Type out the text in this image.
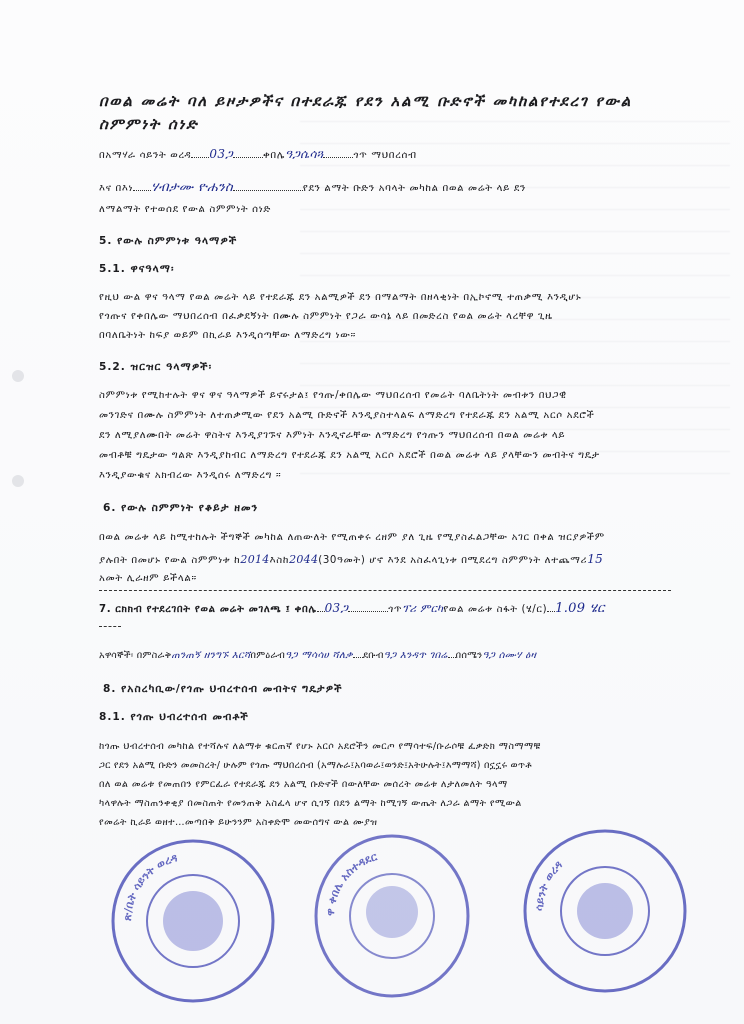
በወል መሬት ባለ ይዞታዎችና በተደራጁ የደን አልሚ ቡድኖች መካከልየተደረገ የውል
ስምምነት ሰነድ
በአማሃራ ሳይንት ወረዳ 03ጋ	ቀበሌዓጋሴሳጓ	ጎጥ ማህበረሰብ
እና በእነ ሃብታሙ ዮሐንስ	የደን ልማት ቡድን አባላት መካከል በወል መሬት ላይ ደን
ለማልማት የተወሰደ የውል ስምምነት ሰነድ
5. የውሉ ስምምነቱ ዓላማዎች
5.1. ዋናዓላማ፡
የዚህ ውል ዋና ዓላማ የወል መሬት ላይ የተደራጁ ደን አልሚዎች ደን በማልማት በዘላቂነት በኢኮኖሚ ተጠቃሚ እንዲሆኑ
የጎጡና የቀበሌው ማህበረሰብ በፈቃደኝነት በሙሉ ስምምነት የጋራ ውሳኔ ላይ በመድረስ የወል መሬት ላረቸዋ ጊዜ
በባለቤትነት ከፍያ ወይም በኪራይ እንዲሰጣቸው ለማድረግ ነው።
5.2. ዝርዝር ዓላማዎች፡
ስምምነቱ የሚከተሉት ዋና ዋና ዓላማዎች ይኖሩታል፤ የጎጡ/ቀበሌው ማህበረሰብ የመሬት ባለቤትነት መብቱን በህጋዊ
መንገድና በሙሉ ስምምነት ለተጠቃሚው የደን አልሚ ቡድኖች እንዲያስተላልፍ ለማድረግ የተደራጁ ደን አልሚ አርሶ አደሮች
ደን ለሚያለሙበት መሬት ዋስትና እንዲያገኙና እምነት እንዲኖራቸው ለማድረግ የጎጡን ማህበረሰብ በወል መሬቱ ላይ
መብቶቹ ግዴታው ግልጽ እንዲያከብር ለማድረግ የተደራጁ ደን አልሚ አርሶ አደሮች በወል መሬቱ ላይ ያላቸውን መብትና ግዴታ
እንዲያውቁና አክብረው እንዲሰሩ ለማድረግ ።
6. የውሉ ስምምነት የቆይታ ዘመን
በወል መሬቱ ላይ ከሚተከሉት ችግኞች መካከል ለጠውለት የሚጠቀሩ ረዘም ያለ ጊዜ የሚያስፈልጋቸው አገር በቀል ዝርያዎችም
ያሉበት በመሆኑ የውል ስምምነቱ ከ2014እስከ2044(30ዓመት) ሆኖ እንደ አስፈላጊነቱ በሚደረግ ስምምነት ለተጨማሪ15
አመት ሊራዘም ይችላል።
7. ርክክብ የተደረገበት የወል መሬት መገለጫ ፤ ቀበሌ 03ጋ	ጎጥፕሪ ምርካየወል መሬቱ ስፋት (ሄ/ር) 1.09 ሄር
አዋሳኞች፡ በምስራቅጠንጠኝ ዘንግኙ እርሻበምዕራብዓጋ ማሳሳሀ ሻለቃ ደቡብዓጋ እንዳጥ ገበሬ በሰሜንዓጋ ሰሙሃ ዕዛ
8. የአስረካቢው/የጎጡ ህብረተሰብ መብትና ግዴታዎች
8.1. የጎጡ ህብረተሰብ መብቶች
ከጎጡ ህብረተሰብ መካከል የተሻሉና ለልማቱ ቁርጠኛ የሆኑ አርሶ አደሮችን መርጦ የማሳተፍ/ቡራሶቹ ፈቃድክ ማስማማቹ
ጋር የደን አልሚ ቡድን መመስረት/ ሁሉም የጎጡ ማህበረሰብ (አማሉራ፤አባወራ፤ወንድ፤አትሁሉት፤እማማሻ) በኗኗሩ ወጥቶ
በለ ወል መሬቱ የመጠበን የምርፈራ የተደራጁ ደን አልሚ ቡድኖች በውለቸው መሰረት መሬቱ ለታለመለት ዓላማ
ካላዋሉት ማስጠንቀቂያ በመስጠት የመንጠቅ አስፈላ ሆኖ ሲገኝ በደን ልማት ከሚገኝ ውጤት ለጋራ ልማት የሚውል
የመሬት ኪራይ ወዘተ…መጣበቅ ይሁንንም አስቀድሞ መውሰግና ውል ሙያዝ
ጽ/ቤት ሳይንት ወረዳ
ዋ ቀበሌ አስተዳደር
ሳይንት ወረዳ
